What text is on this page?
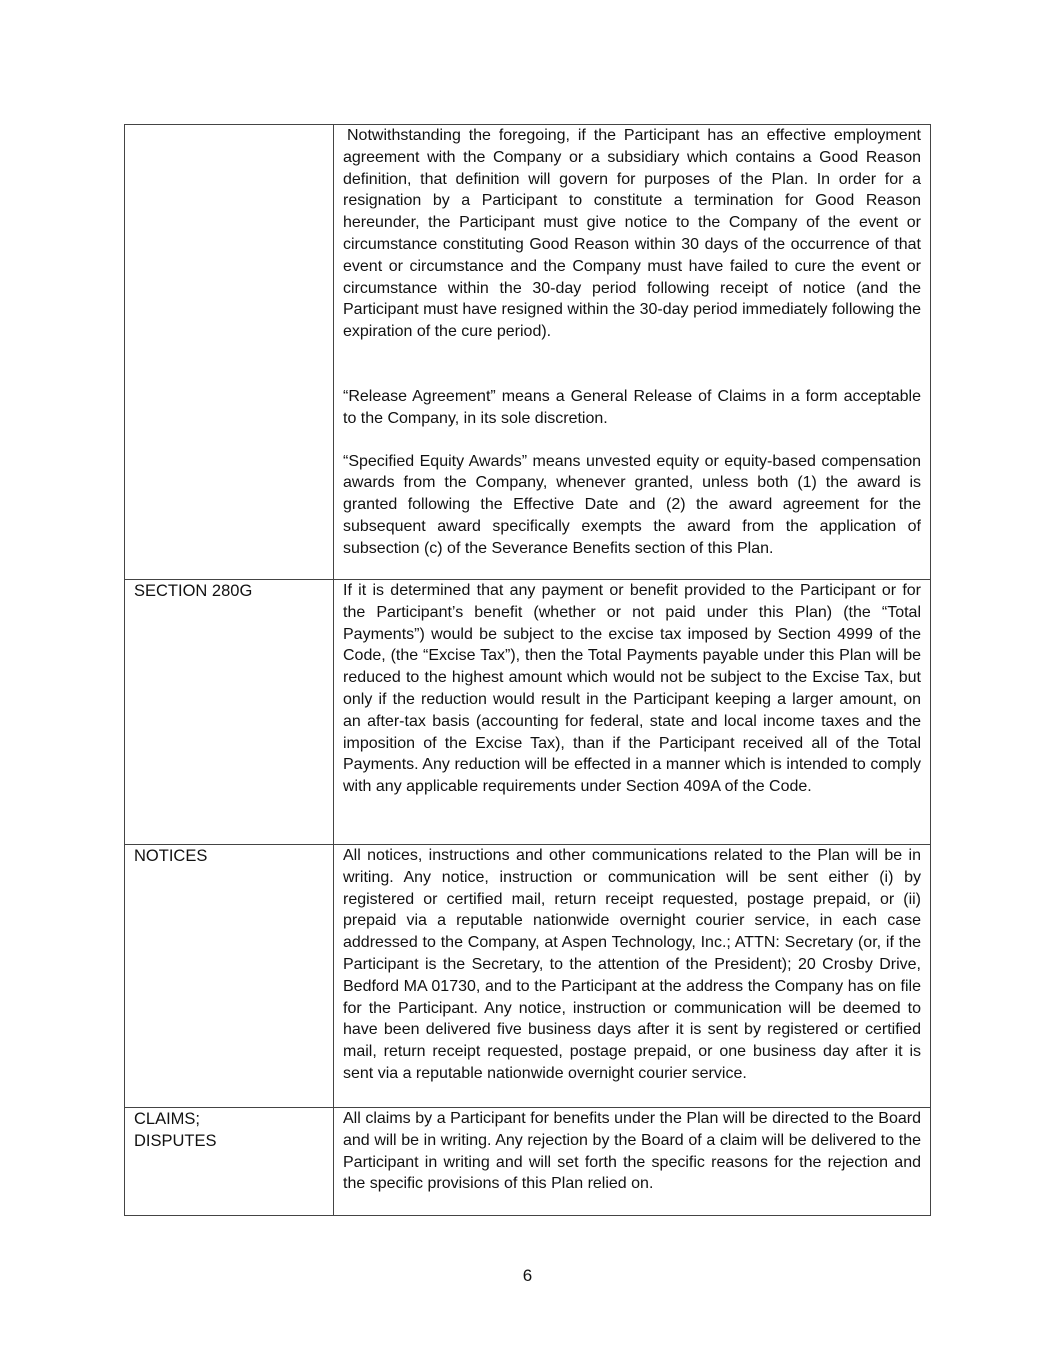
	Notwithstanding the foregoing, if the Participant has an effective employment agreement with the Company or a subsidiary which contains a Good Reason definition, that definition will govern for purposes of the Plan. In order for a resignation by a Participant to constitute a termination for Good Reason hereunder, the Participant must give notice to the Company of the event or circumstance constituting Good Reason within 30 days of the occurrence of that event or circumstance and the Company must have failed to cure the event or circumstance within the 30-day period following receipt of notice (and the Participant must have resigned within the 30-day period immediately following the expiration of the cure period).

“Release Agreement” means a General Release of Claims in a form acceptable to the Company, in its sole discretion.

“Specified Equity Awards” means unvested equity or equity-based compensation awards from the Company, whenever granted, unless both (1) the award is granted following the Effective Date and (2) the award agreement for the subsequent award specifically exempts the award from the application of subsection (c) of the Severance Benefits section of this Plan.

SECTION 280G	If it is determined that any payment or benefit provided to the Participant or for the Participant’s benefit (whether or not paid under this Plan) (the “Total Payments”) would be subject to the excise tax imposed by Section 4999 of the Code, (the “Excise Tax”), then the Total Payments payable under this Plan will be reduced to the highest amount which would not be subject to the Excise Tax, but only if the reduction would result in the Participant keeping a larger amount, on an after-tax basis (accounting for federal, state and local income taxes and the imposition of the Excise Tax), than if the Participant received all of the Total Payments. Any reduction will be effected in a manner which is intended to comply with any applicable requirements under Section 409A of the Code.

NOTICES	All notices, instructions and other communications related to the Plan will be in writing. Any notice, instruction or communication will be sent either (i) by registered or certified mail, return receipt requested, postage prepaid, or (ii) prepaid via a reputable nationwide overnight courier service, in each case addressed to the Company, at Aspen Technology, Inc.; ATTN: Secretary (or, if the Participant is the Secretary, to the attention of the President); 20 Crosby Drive, Bedford MA 01730, and to the Participant at the address the Company has on file for the Participant. Any notice, instruction or communication will be deemed to have been delivered five business days after it is sent by registered or certified mail, return receipt requested, postage prepaid, or one business day after it is sent via a reputable nationwide overnight courier service.

CLAIMS;
DISPUTES	All claims by a Participant for benefits under the Plan will be directed to the Board and will be in writing. Any rejection by the Board of a claim will be delivered to the Participant in writing and will set forth the specific reasons for the rejection and the specific provisions of this Plan relied on.

6
